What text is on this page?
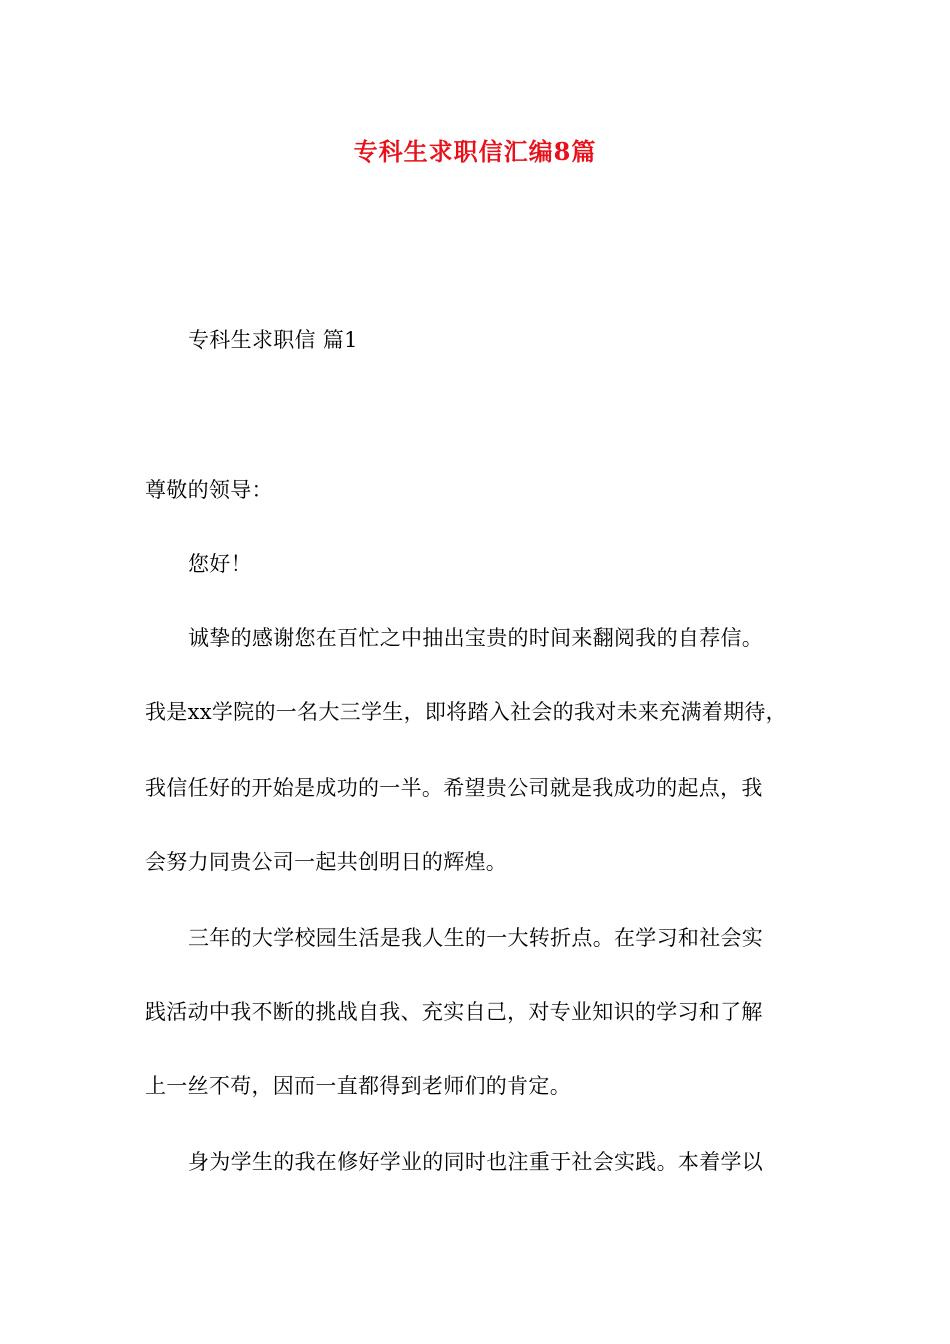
专科生求职信汇编8篇

专科生求职信 篇1

尊敬的领导：

您好！

诚挚的感谢您在百忙之中抽出宝贵的时间来翻阅我的自荐信。

我是xx学院的一名大三学生，即将踏入社会的我对未来充满着期待，

我信任好的开始是成功的一半。希望贵公司就是我成功的起点，我

会努力同贵公司一起共创明日的辉煌。

三年的大学校园生活是我人生的一大转折点。在学习和社会实

践活动中我不断的挑战自我、充实自己，对专业知识的学习和了解

上一丝不苟，因而一直都得到老师们的肯定。

身为学生的我在修好学业的同时也注重于社会实践。本着学以
